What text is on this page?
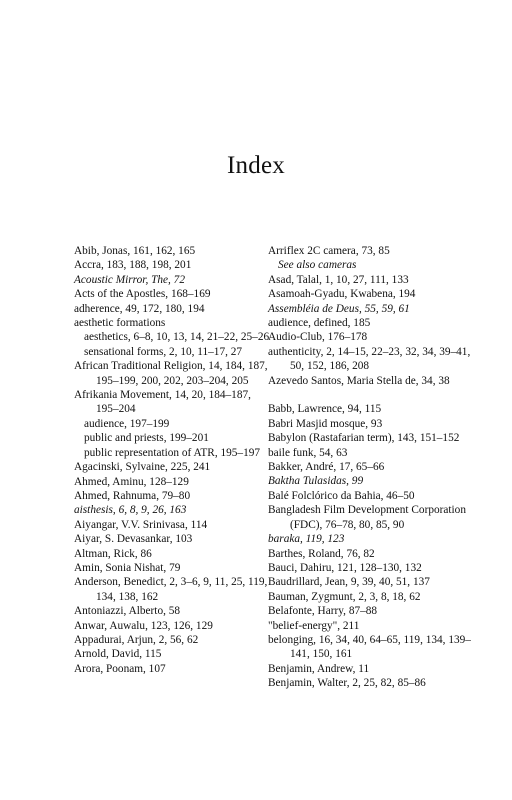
Index
Abib, Jonas, 161, 162, 165
Accra, 183, 188, 198, 201
Acoustic Mirror, The, 72
Acts of the Apostles, 168–169
adherence, 49, 172, 180, 194
aesthetic formations
aesthetics, 6–8, 10, 13, 14, 21–22, 25–26
sensational forms, 2, 10, 11–17, 27
African Traditional Religion, 14, 184, 187, 195–199, 200, 202, 203–204, 205
Afrikania Movement, 14, 20, 184–187, 195–204
audience, 197–199
public and priests, 199–201
public representation of ATR, 195–197
Agacinski, Sylvaine, 225, 241
Ahmed, Aminu, 128–129
Ahmed, Rahnuma, 79–80
aisthesis, 6, 8, 9, 26, 163
Aiyangar, V.V. Srinivasa, 114
Aiyar, S. Devasankar, 103
Altman, Rick, 86
Amin, Sonia Nishat, 79
Anderson, Benedict, 2, 3–6, 9, 11, 25, 119, 134, 138, 162
Antoniazzi, Alberto, 58
Anwar, Auwalu, 123, 126, 129
Appadurai, Arjun, 2, 56, 62
Arnold, David, 115
Arora, Poonam, 107
Arriflex 2C camera, 73, 85
See also cameras
Asad, Talal, 1, 10, 27, 111, 133
Asamoah-Gyadu, Kwabena, 194
Assembléia de Deus, 55, 59, 61
audience, defined, 185
Audio-Club, 176–178
authenticity, 2, 14–15, 22–23, 32, 34, 39–41, 50, 152, 186, 208
Azevedo Santos, Maria Stella de, 34, 38
Babb, Lawrence, 94, 115
Babri Masjid mosque, 93
Babylon (Rastafarian term), 143, 151–152
baile funk, 54, 63
Bakker, André, 17, 65–66
Baktha Tulasidas, 99
Balé Folclórico da Bahia, 46–50
Bangladesh Film Development Corporation (FDC), 76–78, 80, 85, 90
baraka, 119, 123
Barthes, Roland, 76, 82
Bauci, Dahiru, 121, 128–130, 132
Baudrillard, Jean, 9, 39, 40, 51, 137
Bauman, Zygmunt, 2, 3, 8, 18, 62
Belafonte, Harry, 87–88
"belief-energy", 211
belonging, 16, 34, 40, 64–65, 119, 134, 139–141, 150, 161
Benjamin, Andrew, 11
Benjamin, Walter, 2, 25, 82, 85–86
